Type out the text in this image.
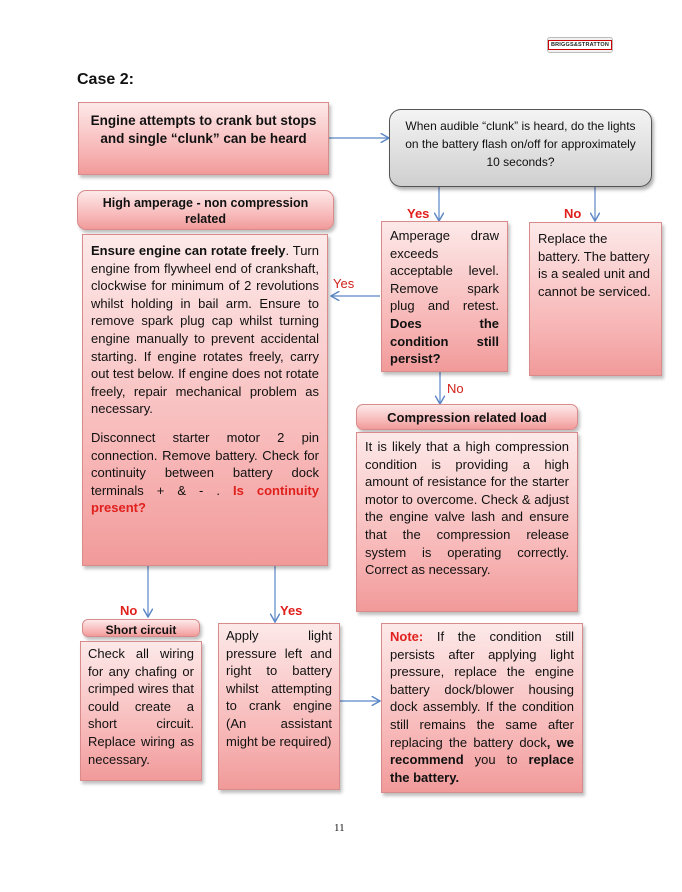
BRIGGS&STRATTON
Case 2:
Engine attempts to crank but stops and single “clunk” can be heard
When audible “clunk” is heard, do the lights on the battery flash on/off for approximately 10 seconds?
Yes	No
High amperage - non compression related

Ensure engine can rotate freely. Turn engine from flywheel end of crankshaft, clockwise for minimum of 2 revolutions whilst holding in bail arm. Ensure to remove spark plug cap whilst turning engine manually to prevent accidental starting. If engine rotates freely, carry out test below. If engine does not rotate freely, repair mechanical problem as necessary.

Disconnect starter motor 2 pin connection. Remove battery. Check for continuity between battery dock terminals + & - . Is continuity present?

Amperage draw exceeds acceptable level. Remove spark plug and retest. Does the condition still persist?
Replace the battery. The battery is a sealed unit and cannot be serviced.
Yes
No
Compression related load
It is likely that a high compression condition is providing a high amount of resistance for the starter motor to overcome. Check & adjust the engine valve lash and ensure that the compression release system is operating correctly. Correct as necessary.
No	Yes
Short circuit
Check all wiring for any chafing or crimped wires that could create a short circuit. Replace wiring as necessary.
Apply light pressure left and right to battery whilst attempting to crank engine (An assistant might be required)
Note: If the condition still persists after applying light pressure, replace the engine battery dock/blower housing dock assembly. If the condition still remains the same after replacing the battery dock, we recommend you to replace the battery.
11
